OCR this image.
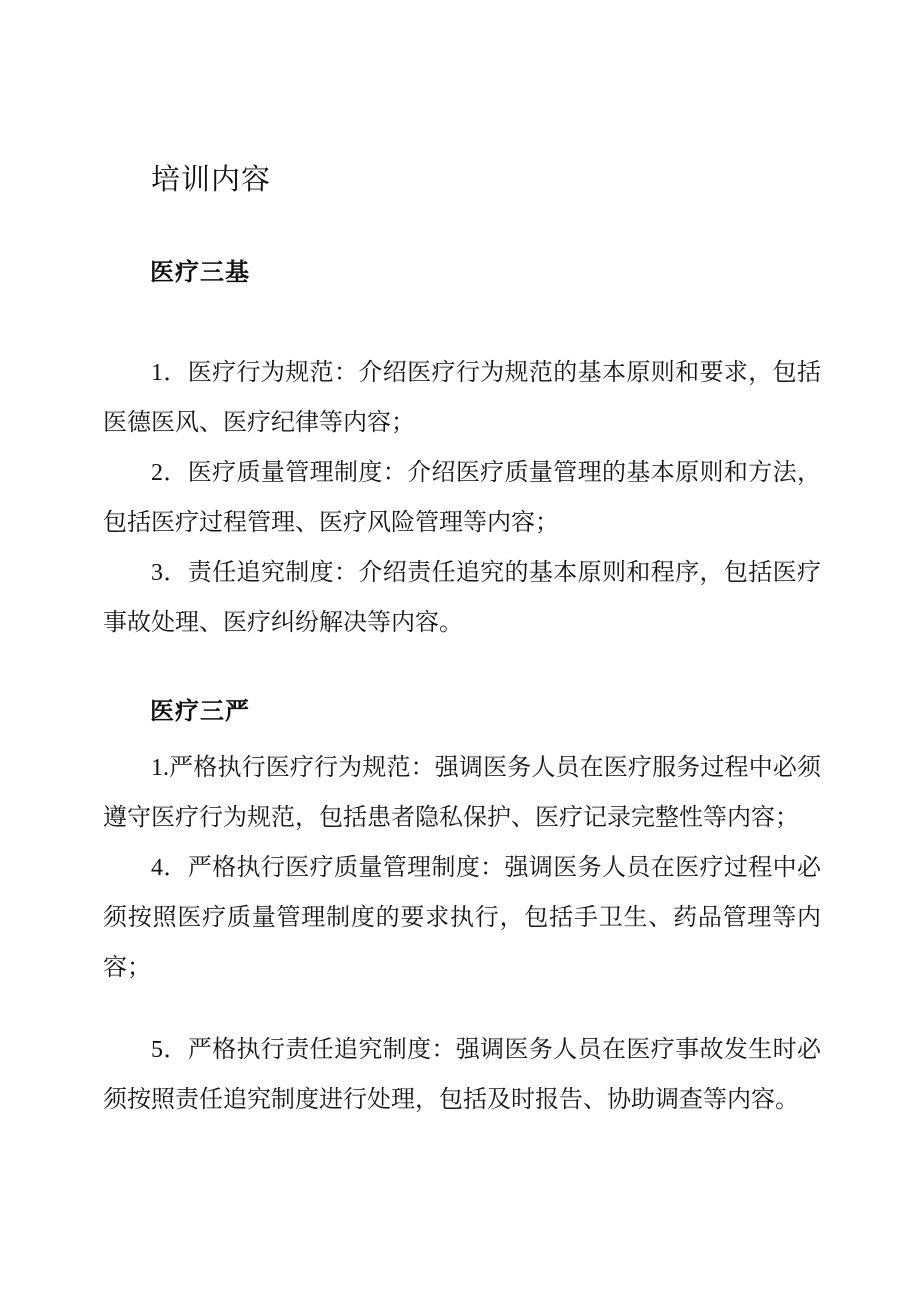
培训内容
医疗三基

1．医疗行为规范：介绍医疗行为规范的基本原则和要求，包括医德医风、医疗纪律等内容；

2．医疗质量管理制度：介绍医疗质量管理的基本原则和方法，包括医疗过程管理、医疗风险管理等内容；

3．责任追究制度：介绍责任追究的基本原则和程序，包括医疗事故处理、医疗纠纷解决等内容。

医疗三严

1.严格执行医疗行为规范：强调医务人员在医疗服务过程中必须遵守医疗行为规范，包括患者隐私保护、医疗记录完整性等内容；

4．严格执行医疗质量管理制度：强调医务人员在医疗过程中必须按照医疗质量管理制度的要求执行，包括手卫生、药品管理等内容；

5．严格执行责任追究制度：强调医务人员在医疗事故发生时必须按照责任追究制度进行处理，包括及时报告、协助调查等内容。
